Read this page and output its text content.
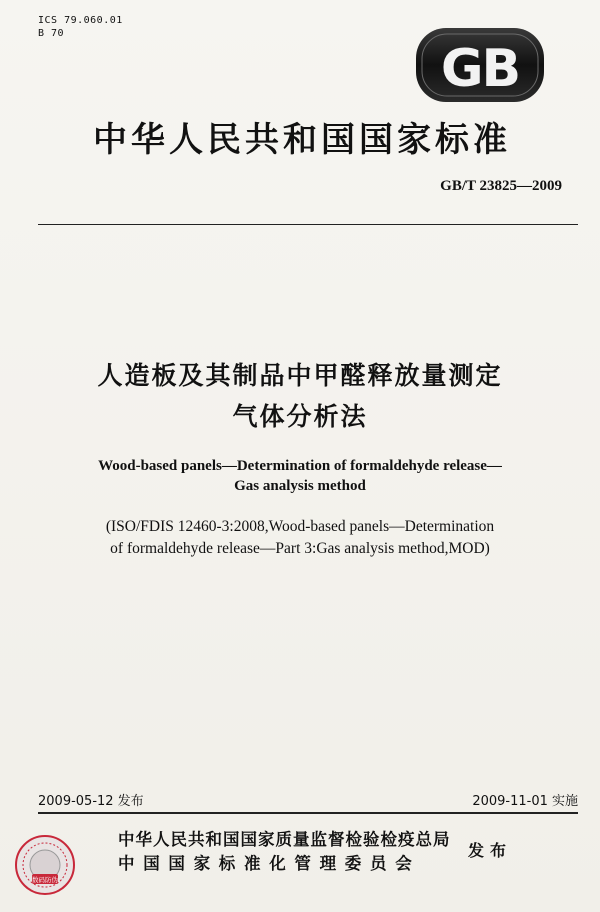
ICS 79.060.01
B 70
GB
中华人民共和国国家标准
GB/T 23825—2009
人造板及其制品中甲醛释放量测定
气体分析法
Wood-based panels—Determination of formaldehyde release—
Gas analysis method
(ISO/FDIS 12460-3:2008,Wood-based panels—Determination
of formaldehyde release—Part 3:Gas analysis method,MOD)
2009-05-12 发布	2009-11-01 实施
数码防伪
中华人民共和国国家质量监督检验检疫总局
中国国家标准化管理委员会
发布
